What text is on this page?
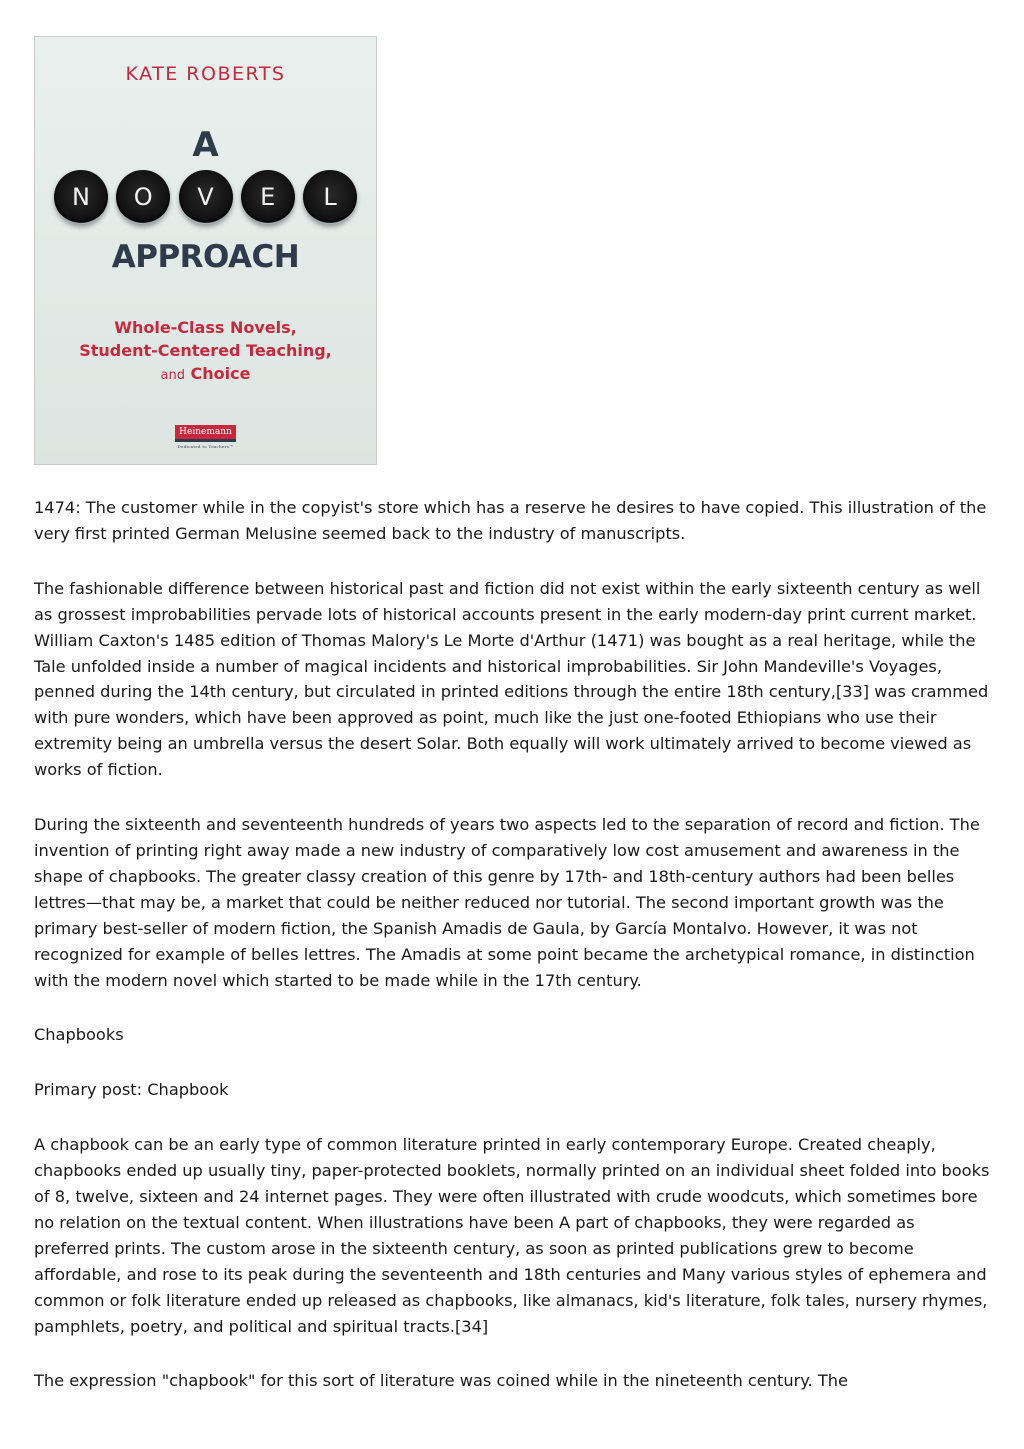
KATE ROBERTS
A
N	O	V	E	L
APPROACH
Whole-Class Novels,
Student-Centered Teaching,
and Choice
Heinemann
Dedicated to Teachers™

1474: The customer while in the copyist's store which has a reserve he desires to have copied. This illustration of the very first printed German Melusine seemed back to the industry of manuscripts.

The fashionable difference between historical past and fiction did not exist within the early sixteenth century as well as grossest improbabilities pervade lots of historical accounts present in the early modern-day print current market. William Caxton's 1485 edition of Thomas Malory's Le Morte d'Arthur (1471) was bought as a real heritage, while the Tale unfolded inside a number of magical incidents and historical improbabilities. Sir John Mandeville's Voyages, penned during the 14th century, but circulated in printed editions through the entire 18th century,[33] was crammed with pure wonders, which have been approved as point, much like the just one-footed Ethiopians who use their extremity being an umbrella versus the desert Solar. Both equally will work ultimately arrived to become viewed as works of fiction.

During the sixteenth and seventeenth hundreds of years two aspects led to the separation of record and fiction. The invention of printing right away made a new industry of comparatively low cost amusement and awareness in the shape of chapbooks. The greater classy creation of this genre by 17th- and 18th-century authors had been belles lettres—that may be, a market that could be neither reduced nor tutorial. The second important growth was the primary best-seller of modern fiction, the Spanish Amadis de Gaula, by García Montalvo. However, it was not recognized for example of belles lettres. The Amadis at some point became the archetypical romance, in distinction with the modern novel which started to be made while in the 17th century.

Chapbooks

Primary post: Chapbook

A chapbook can be an early type of common literature printed in early contemporary Europe. Created cheaply, chapbooks ended up usually tiny, paper-protected booklets, normally printed on an individual sheet folded into books of 8, twelve, sixteen and 24 internet pages. They were often illustrated with crude woodcuts, which sometimes bore no relation on the textual content. When illustrations have been A part of chapbooks, they were regarded as preferred prints. The custom arose in the sixteenth century, as soon as printed publications grew to become affordable, and rose to its peak during the seventeenth and 18th centuries and Many various styles of ephemera and common or folk literature ended up released as chapbooks, like almanacs, kid's literature, folk tales, nursery rhymes, pamphlets, poetry, and political and spiritual tracts.[34]

The expression "chapbook" for this sort of literature was coined while in the nineteenth century. The
